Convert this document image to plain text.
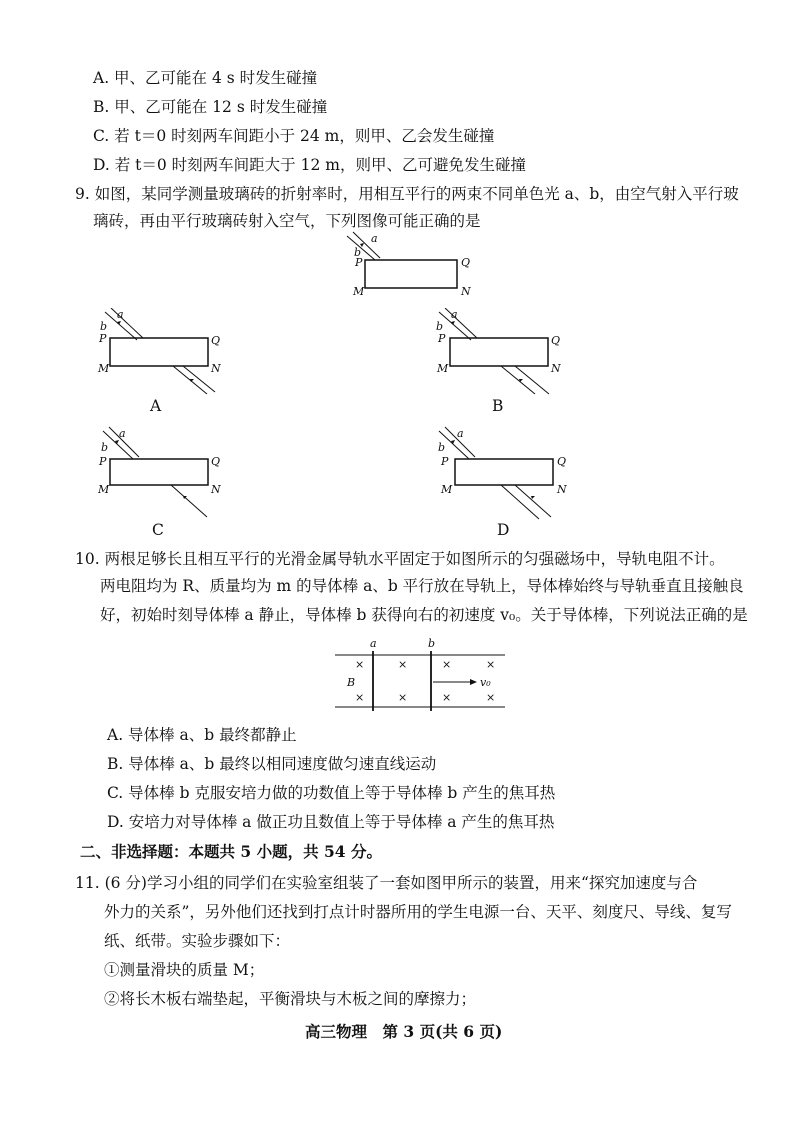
A. 甲、乙可能在 4 s 时发生碰撞
B. 甲、乙可能在 12 s 时发生碰撞
C. 若 t＝0 时刻两车间距小于 24 m，则甲、乙会发生碰撞
D. 若 t＝0 时刻两车间距大于 12 m，则甲、乙可避免发生碰撞
9. 如图，某同学测量玻璃砖的折射率时，用相互平行的两束不同单色光 a、b，由空气射入平行玻
璃砖，再由平行玻璃砖射入空气，下列图像可能正确的是
a
b
P	Q
M	N
a
b
P	Q
M	N
A
a
b
P	Q
M	N
B
a
b
P	Q
M	N
C
a
b
P	Q
M	N
D
10. 两根足够长且相互平行的光滑金属导轨水平固定于如图所示的匀强磁场中，导轨电阻不计。
两电阻均为 R、质量均为 m 的导体棒 a、b 平行放在导轨上，导体棒始终与导轨垂直且接触良
好，初始时刻导体棒 a 静止，导体棒 b 获得向右的初速度 v₀。关于导体棒，下列说法正确的是
a	b
B	v₀
×	×	×	×
×	×	×	×
A. 导体棒 a、b 最终都静止
B. 导体棒 a、b 最终以相同速度做匀速直线运动
C. 导体棒 b 克服安培力做的功数值上等于导体棒 b 产生的焦耳热
D. 安培力对导体棒 a 做正功且数值上等于导体棒 a 产生的焦耳热
二、非选择题：本题共 5 小题，共 54 分。
11. (6 分)学习小组的同学们在实验室组装了一套如图甲所示的装置，用来“探究加速度与合
外力的关系”，另外他们还找到打点计时器所用的学生电源一台、天平、刻度尺、导线、复写
纸、纸带。实验步骤如下：
①测量滑块的质量 M；
②将长木板右端垫起，平衡滑块与木板之间的摩擦力；
高三物理　第 3 页(共 6 页)
